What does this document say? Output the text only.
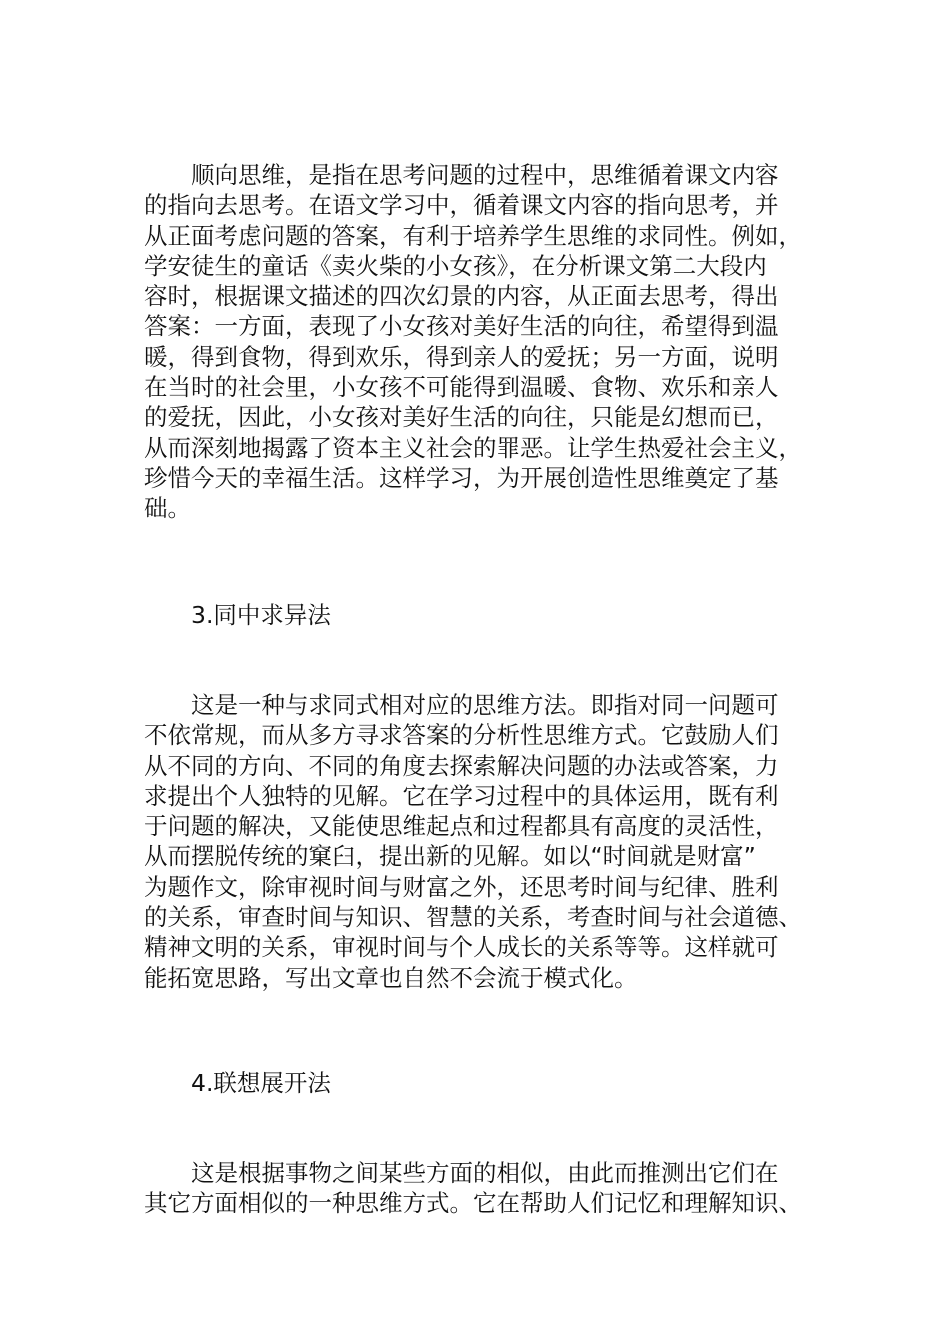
顺向思维，是指在思考问题的过程中，思维循着课文内容
的指向去思考。在语文学习中，循着课文内容的指向思考，并
从正面考虑问题的答案，有利于培养学生思维的求同性。例如，
学安徒生的童话《卖火柴的小女孩》，在分析课文第二大段内
容时，根据课文描述的四次幻景的内容，从正面去思考，得出
答案：一方面，表现了小女孩对美好生活的向往，希望得到温
暖，得到食物，得到欢乐，得到亲人的爱抚；另一方面，说明
在当时的社会里，小女孩不可能得到温暖、食物、欢乐和亲人
的爱抚，因此，小女孩对美好生活的向往，只能是幻想而已，
从而深刻地揭露了资本主义社会的罪恶。让学生热爱社会主义，
珍惜今天的幸福生活。这样学习，为开展创造性思维奠定了基
础。
3.同中求异法
这是一种与求同式相对应的思维方法。即指对同一问题可
不依常规，而从多方寻求答案的分析性思维方式。它鼓励人们
从不同的方向、不同的角度去探索解决问题的办法或答案，力
求提出个人独特的见解。它在学习过程中的具体运用，既有利
于问题的解决，又能使思维起点和过程都具有高度的灵活性，
从而摆脱传统的窠臼，提出新的见解。如以“时间就是财富”
为题作文，除审视时间与财富之外，还思考时间与纪律、胜利
的关系，审查时间与知识、智慧的关系，考查时间与社会道德、
精神文明的关系，审视时间与个人成长的关系等等。这样就可
能拓宽思路，写出文章也自然不会流于模式化。
4.联想展开法
这是根据事物之间某些方面的相似，由此而推测出它们在
其它方面相似的一种思维方式。它在帮助人们记忆和理解知识、
